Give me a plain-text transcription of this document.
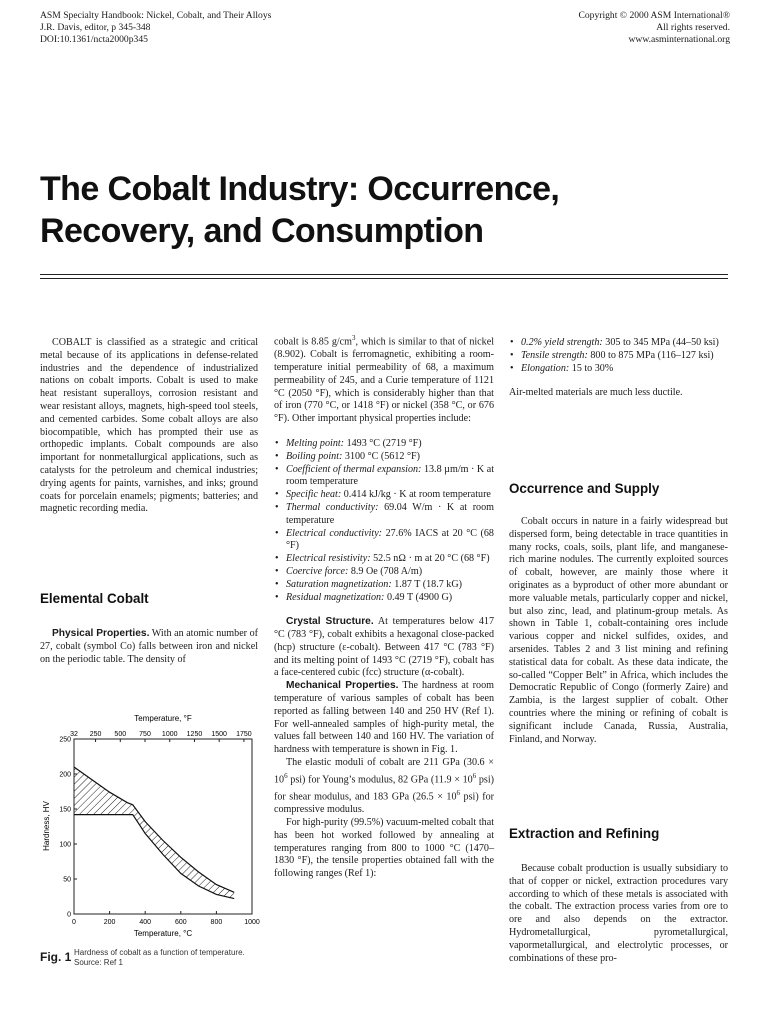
ASM Specialty Handbook: Nickel, Cobalt, and Their Alloys
J.R. Davis, editor, p 345-348
DOI:10.1361/ncta2000p345
Copyright © 2000 ASM International®
All rights reserved.
www.asminternational.org
The Cobalt Industry: Occurrence,
Recovery, and Consumption

COBALT is classified as a strategic and critical metal because of its applications in defense-related industries and the dependence of industrialized nations on cobalt imports. Cobalt is used to make heat resistant superalloys, corrosion resistant and wear resistant alloys, magnets, high-speed tool steels, and cemented carbides. Some cobalt alloys are also biocompatible, which has prompted their use as orthopedic implants. Cobalt compounds are also important for nonmetallurgical applications, such as catalysts for the petroleum and chemical industries; drying agents for paints, varnishes, and inks; ground coats for porcelain enamels; pigments; batteries; and magnetic recording media.

Elemental Cobalt

Physical Properties. With an atomic number of 27, cobalt (symbol Co) falls between iron and nickel on the periodic table. The density of

0	200	400	600	800	1000
0
50
100
150
200
250
32 250 500 750 1000 1250 1500 1750
Temperature, °F
Temperature, °C
Hardness, HV
Fig. 1 Hardness of cobalt as a function of temperature.
Source: Ref 1

cobalt is 8.85 $g/cm^3$, which is similar to that of nickel (8.902). Cobalt is ferromagnetic, exhibiting a room-temperature initial permeability of 68, a maximum permeability of 245, and a Curie temperature of 1121 °C (2050 °F), which is considerably higher than that of iron (770 °C, or 1418 °F) or nickel (358 °C, or 676 °F). Other important physical properties include:

• Melting point: 1493 °C (2719 °F)
• Boiling point: 3100 °C (5612 °F)
• Coefficient of thermal expansion: 13.8 µm/m · K at room temperature
• Specific heat: 0.414 kJ/kg · K at room temperature
• Thermal conductivity: 69.04 W/m · K at room temperature
• Electrical conductivity: 27.6% IACS at 20 °C (68 °F)
• Electrical resistivity: 52.5 nΩ · m at 20 °C (68 °F)
• Coercive force: 8.9 Oe (708 A/m)
• Saturation magnetization: 1.87 T (18.7 kG)
• Residual magnetization: 0.49 T (4900 G)

Crystal Structure. At temperatures below 417 °C (783 °F), cobalt exhibits a hexagonal close-packed (hcp) structure (ε-cobalt). Between 417 °C (783 °F) and its melting point of 1493 °C (2719 °F), cobalt has a face-centered cubic (fcc) structure (α-cobalt).

Mechanical Properties. The hardness at room temperature of various samples of cobalt has been reported as falling between 140 and 250 HV (Ref 1). For well-annealed samples of high-purity metal, the values fall between 140 and 160 HV. The variation of hardness with temperature is shown in Fig. 1.

The elastic moduli of cobalt are 211 GPa ($30.6 \times 10^6$ psi) for Young’s modulus, 82 GPa ($11.9 \times 10^6$ psi) for shear modulus, and 183 GPa ($26.5 \times 10^6$ psi) for compressive modulus.

For high-purity (99.5%) vacuum-melted cobalt that has been hot worked followed by annealing at temperatures ranging from 800 to 1000 °C (1470–1830 °F), the tensile properties obtained fall with the following ranges (Ref 1):

• 0.2% yield strength: 305 to 345 MPa (44–50 ksi)
• Tensile strength: 800 to 875 MPa (116–127 ksi)
• Elongation: 15 to 30%

Air-melted materials are much less ductile.

Occurrence and Supply

Cobalt occurs in nature in a fairly widespread but dispersed form, being detectable in trace quantities in many rocks, coals, soils, plant life, and manganese-rich marine nodules. The currently exploited sources of cobalt, however, are mainly those where it originates as a byproduct of other more abundant or more valuable metals, particularly copper and nickel, but also zinc, lead, and platinum-group metals. As shown in Table 1, cobalt-containing ores include various copper and nickel sulfides, oxides, and arsenides. Tables 2 and 3 list mining and refining statistical data for cobalt. As these data indicate, the so-called “Copper Belt” in Africa, which includes the Democratic Republic of Congo (formerly Zaire) and Zambia, is the largest supplier of cobalt. Other countries where the mining or refining of cobalt is significant include Canada, Russia, Australia, Finland, and Norway.

Extraction and Refining

Because cobalt production is usually subsidiary to that of copper or nickel, extraction procedures vary according to which of these metals is associated with the cobalt. The extraction process varies from ore to ore and also depends on the extractor. Hydrometallurgical, pyrometallurgical, vapormetallurgical, and electrolytic processes, or combinations of these pro-
